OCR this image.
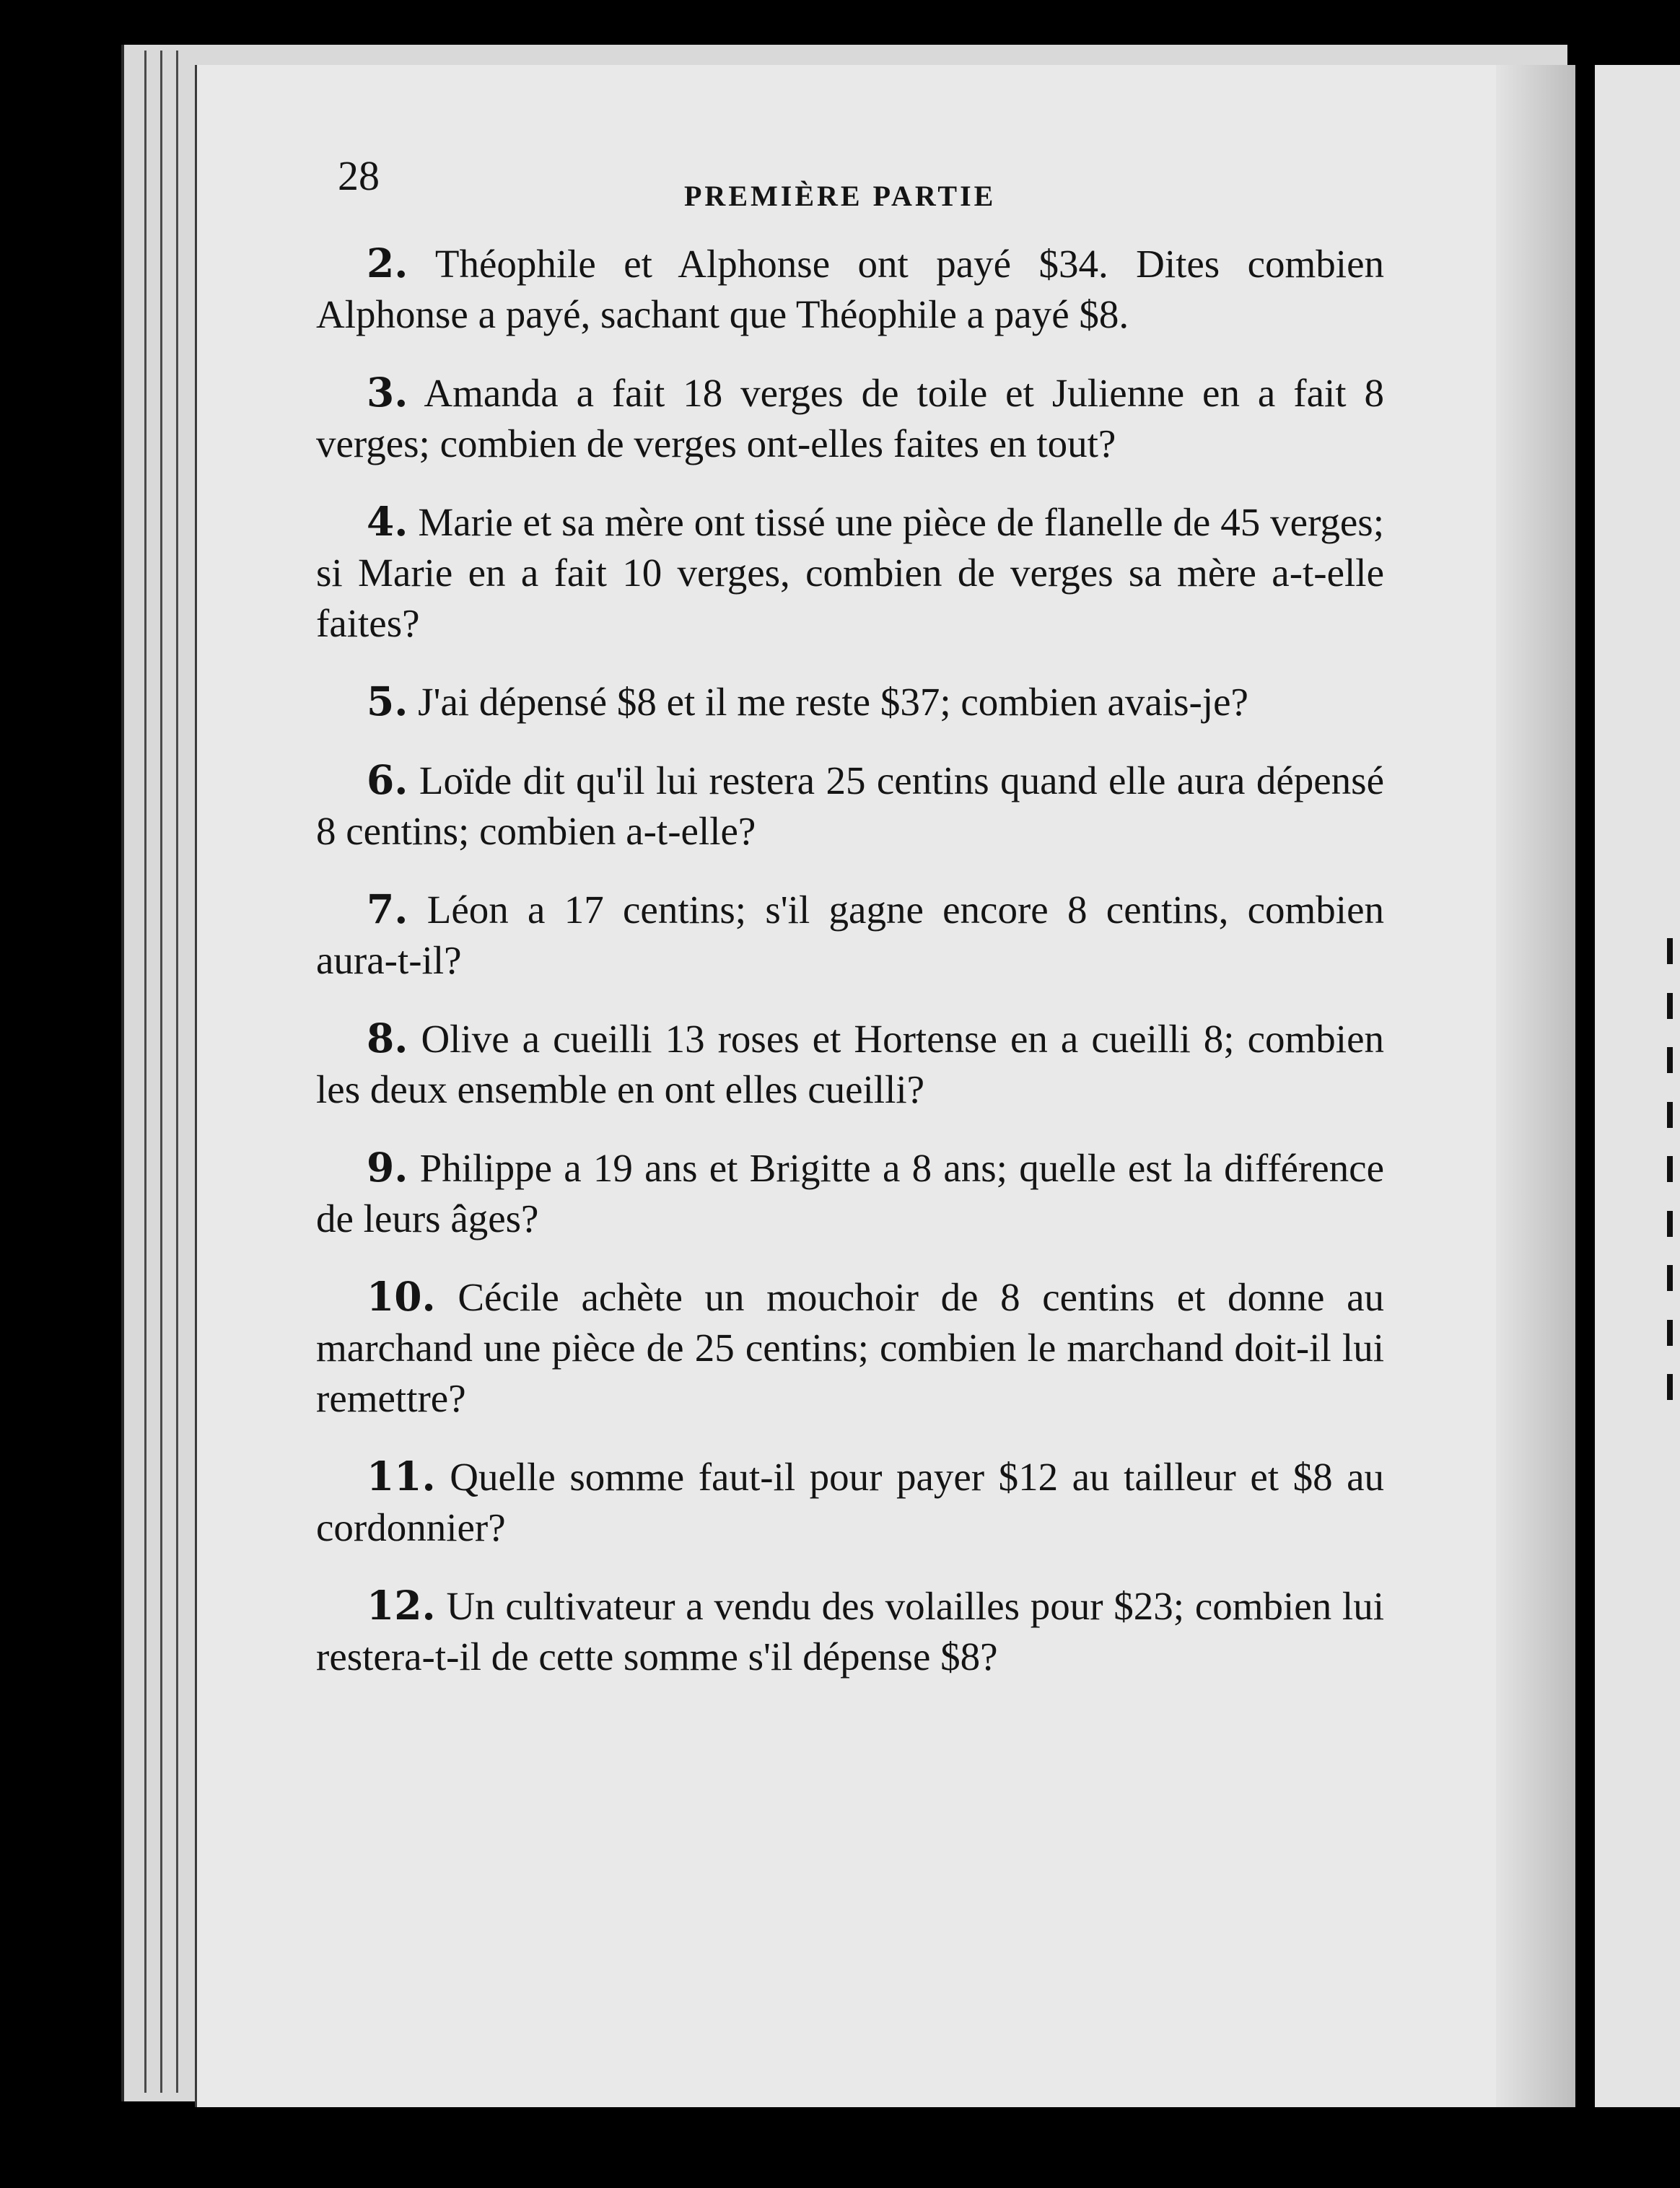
28	PREMIÈRE PARTIE

2. Théophile et Alphonse ont payé $34. Dites combien Alphonse a payé, sachant que Théophile a payé $8.

3. Amanda a fait 18 verges de toile et Julienne en a fait 8 verges; combien de verges ont-elles faites en tout?

4. Marie et sa mère ont tissé une pièce de flanelle de 45 verges; si Marie en a fait 10 verges, combien de verges sa mère a-t-elle faites?

5. J'ai dépensé $8 et il me reste $37; combien avais-je?

6. Loïde dit qu'il lui restera 25 centins quand elle aura dépensé 8 centins; combien a-t-elle?

7. Léon a 17 centins; s'il gagne encore 8 centins, combien aura-t-il?

8. Olive a cueilli 13 roses et Hortense en a cueilli 8; combien les deux ensemble en ont elles cueilli?

9. Philippe a 19 ans et Brigitte a 8 ans; quelle est la différence de leurs âges?

10. Cécile achète un mouchoir de 8 centins et donne au marchand une pièce de 25 centins; combien le marchand doit-il lui remettre?

11. Quelle somme faut-il pour payer $12 au tailleur et $8 au cordonnier?

12. Un cultivateur a vendu des volailles pour $23; combien lui restera-t-il de cette somme s'il dépense $8?
